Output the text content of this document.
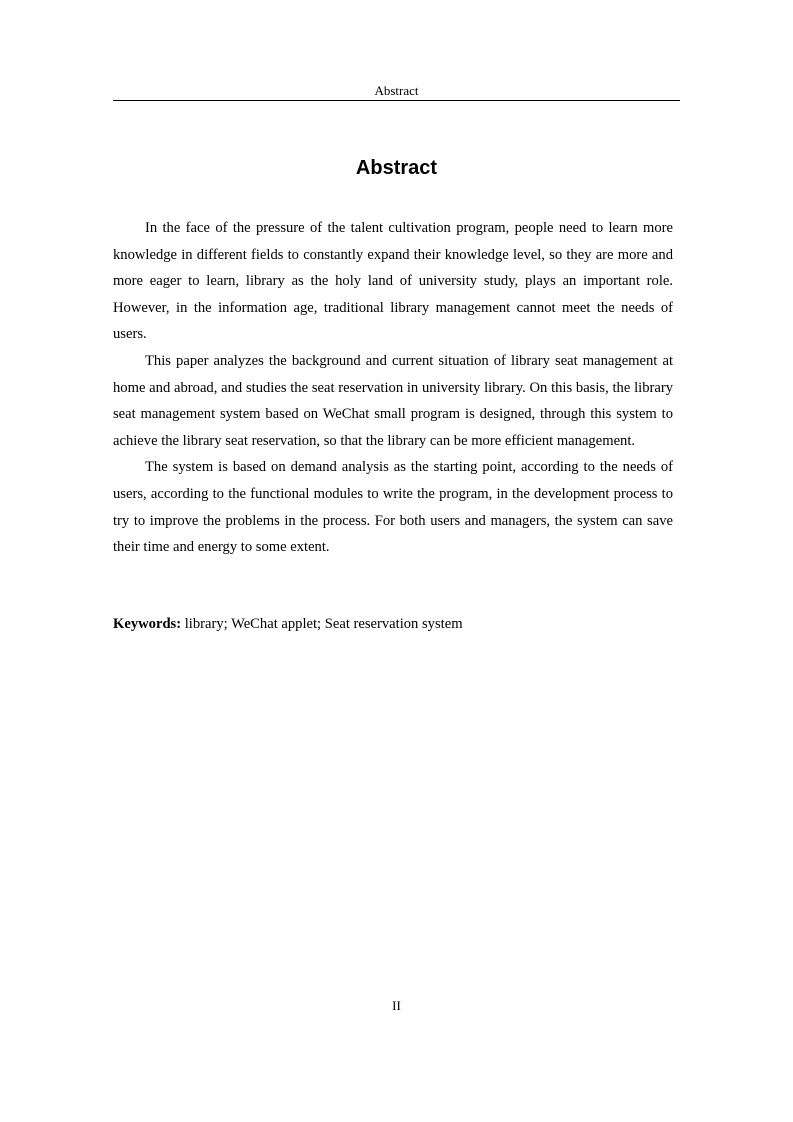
Abstract
Abstract

In the face of the pressure of the talent cultivation program, people need to learn more knowledge in different fields to constantly expand their knowledge level, so they are more and more eager to learn, library as the holy land of university study, plays an important role. However, in the information age, traditional library management cannot meet the needs of users.

This paper analyzes the background and current situation of library seat management at home and abroad, and studies the seat reservation in university library. On this basis, the library seat management system based on WeChat small program is designed, through this system to achieve the library seat reservation, so that the library can be more efficient management.

The system is based on demand analysis as the starting point, according to the needs of users, according to the functional modules to write the program, in the development process to try to improve the problems in the process. For both users and managers, the system can save their time and energy to some extent.

Keywords: library; WeChat applet; Seat reservation system

II
